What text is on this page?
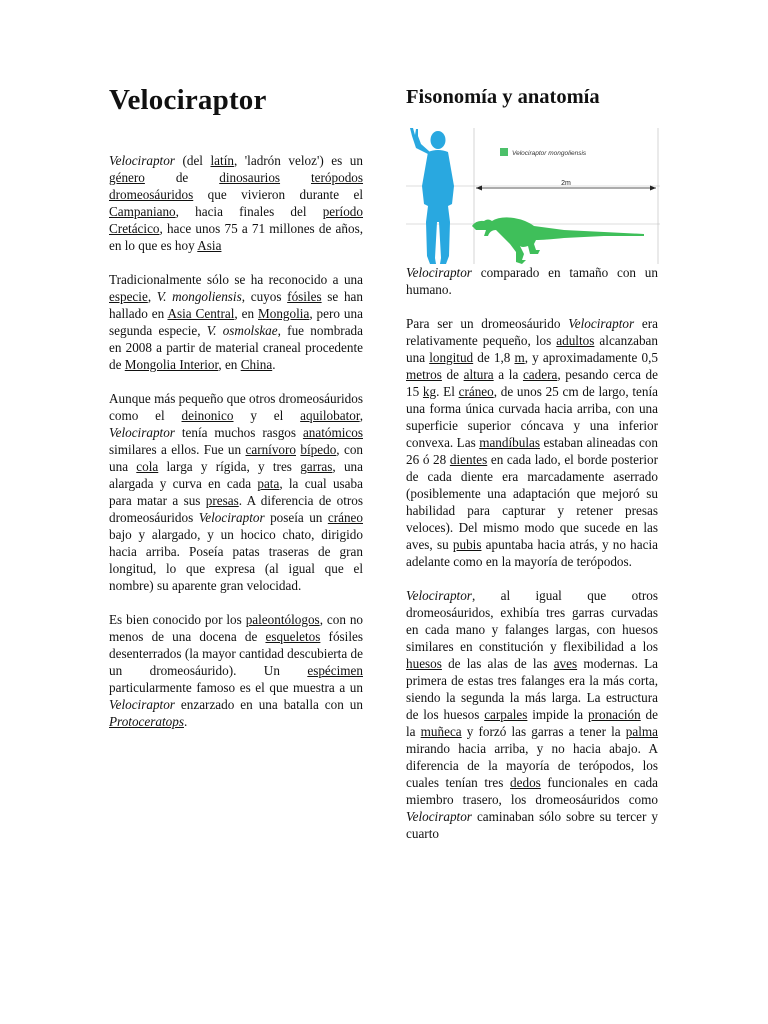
Velociraptor

Velociraptor (del latín, 'ladrón veloz') es un género de dinosaurios terópodos dromeosáuridos que vivieron durante el Campaniano, hacia finales del período Cretácico, hace unos 75 a 71 millones de años, en lo que es hoy Asia

Tradicionalmente sólo se ha reconocido a una especie, V. mongoliensis, cuyos fósiles se han hallado en Asia Central, en Mongolia, pero una segunda especie, V. osmolskae, fue nombrada en 2008 a partir de material craneal procedente de Mongolia Interior, en China.

Aunque más pequeño que otros dromeosáuridos como el deinonico y el aquilobator, Velociraptor tenía muchos rasgos anatómicos similares a ellos. Fue un carnívoro bípedo, con una cola larga y rígida, y tres garras, una alargada y curva en cada pata, la cual usaba para matar a sus presas. A diferencia de otros dromeosáuridos Velociraptor poseía un cráneo bajo y alargado, y un hocico chato, dirigido hacia arriba. Poseía patas traseras de gran longitud, lo que expresa (al igual que el nombre) su aparente gran velocidad.

Es bien conocido por los paleontólogos, con no menos de una docena de esqueletos fósiles desenterrados (la mayor cantidad descubierta de un dromeosáurido). Un espécimen particularmente famoso es el que muestra a un Velociraptor enzarzado en una batalla con un Protoceratops.

Fisonomía y anatomía
2m
Velociraptor mongoliensis

Velociraptor comparado en tamaño con un humano.

Para ser un dromeosáurido Velociraptor era relativamente pequeño, los adultos alcanzaban una longitud de 1,8 m, y aproximadamente 0,5 metros de altura a la cadera, pesando cerca de 15 kg. El cráneo, de unos 25 cm de largo, tenía una forma única curvada hacia arriba, con una superficie superior cóncava y una inferior convexa. Las mandíbulas estaban alineadas con 26 ó 28 dientes en cada lado, el borde posterior de cada diente era marcadamente aserrado (posiblemente una adaptación que mejoró su habilidad para capturar y retener presas veloces). Del mismo modo que sucede en las aves, su pubis apuntaba hacia atrás, y no hacia adelante como en la mayoría de terópodos.

Velociraptor, al igual que otros dromeosáuridos, exhibía tres garras curvadas en cada mano y falanges largas, con huesos similares en constitución y flexibilidad a los huesos de las alas de las aves modernas. La primera de estas tres falanges era la más corta, siendo la segunda la más larga. La estructura de los huesos carpales impide la pronación de la muñeca y forzó las garras a tener la palma mirando hacia arriba, y no hacia abajo. A diferencia de la mayoría de terópodos, los cuales tenían tres dedos funcionales en cada miembro trasero, los dromeosáuridos como Velociraptor caminaban sólo sobre su tercer y cuarto
